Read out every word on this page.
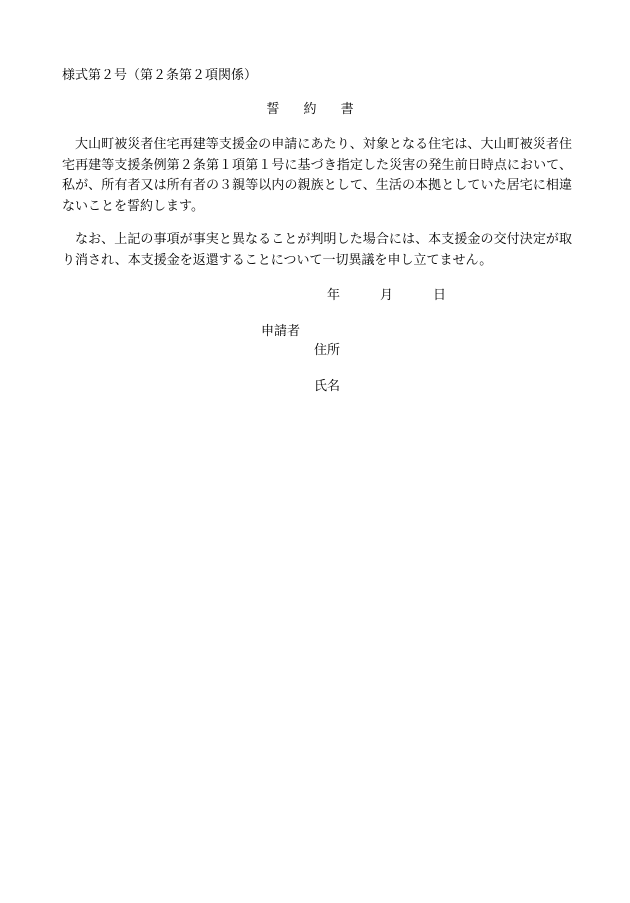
様式第２号（第２条第２項関係）
誓 約 書

大山町被災者住宅再建等支援金の申請にあたり、対象となる住宅は、大山町被災者住宅再建等支援条例第２条第１項第１号に基づき指定した災害の発生前日時点において、私が、所有者又は所有者の３親等以内の親族として、生活の本拠としていた居宅に相違ないことを誓約します。

なお、上記の事項が事実と異なることが判明した場合には、本支援金の交付決定が取り消され、本支援金を返還することについて一切異議を申し立てません。

年	月	日
申請者
住所
氏名
